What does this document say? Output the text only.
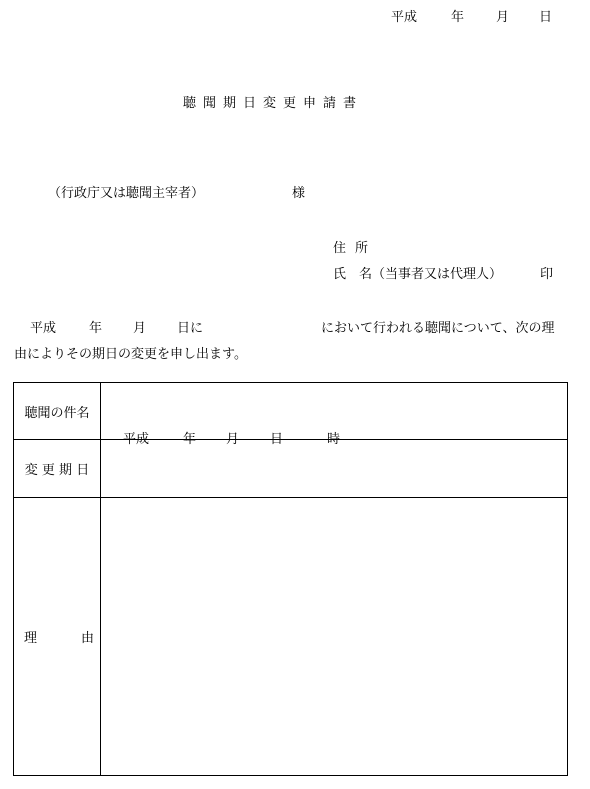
平成	年 月 日
聴聞期日変更申請書
（行政庁又は聴聞主宰者）	様
住所
氏　名（当事者又は代理人）	印
平成	年 月 日に	において行われる聴聞について、次の理
由によりその期日の変更を申し出ます。
聴聞の件名	
変 更 期 日	平成 年 月 日 時

理 由	
